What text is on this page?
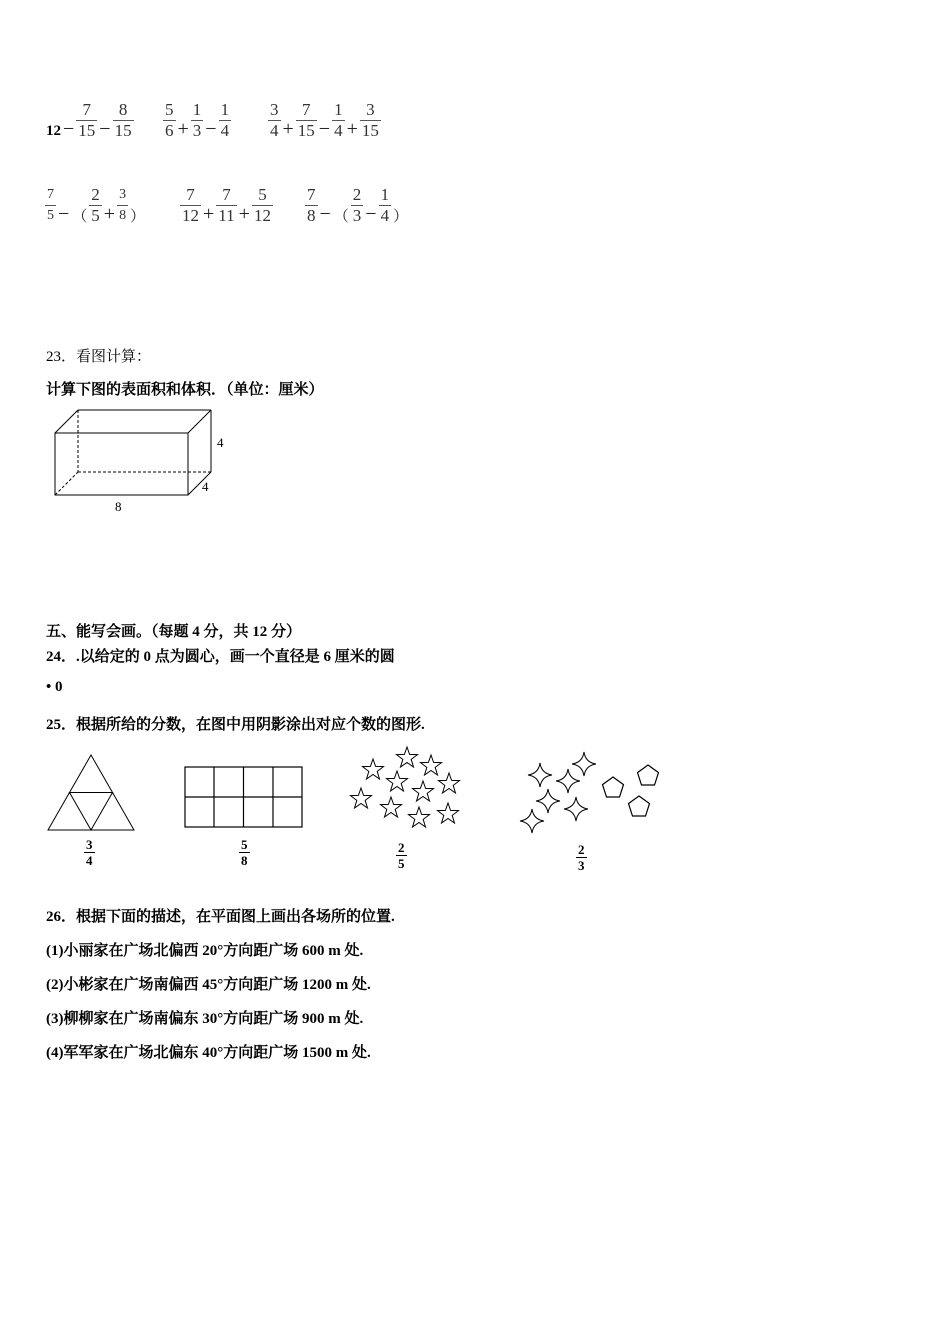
$12 - \frac{7}{15} - \frac{8}{15} \frac{5}{6} + \frac{1}{3} - \frac{1}{4} \frac{3}{4} + \frac{7}{15} - \frac{1}{4} + \frac{3}{15}$
$\frac{7}{5}$ − （ $\frac{2}{5} + \frac{3}{8}$ ） $\frac{7}{12} + \frac{7}{11} + \frac{5}{12} \frac{7}{8}$ − （ $\frac{2}{3} - \frac{1}{4}$ ）
23．看图计算：
计算下图的表面积和体积．（单位：厘米）
4
4
8
五、能写会画。（每题 4 分，共 12 分）
24．.以给定的 0 点为圆心，画一个直径是 6 厘米的圆
• 0
25．根据所给的分数，在图中用阴影涂出对应个数的图形.
$\frac{3}{4}$	$\frac{5}{8}$	$\frac{2}{5}$	$\frac{2}{3}$
26．根据下面的描述，在平面图上画出各场所的位置.
(1)小丽家在广场北偏西 20°方向距广场 600 m 处.
(2)小彬家在广场南偏西 45°方向距广场 1200 m 处.
(3)柳柳家在广场南偏东 30°方向距广场 900 m 处.
(4)军军家在广场北偏东 40°方向距广场 1500 m 处.
